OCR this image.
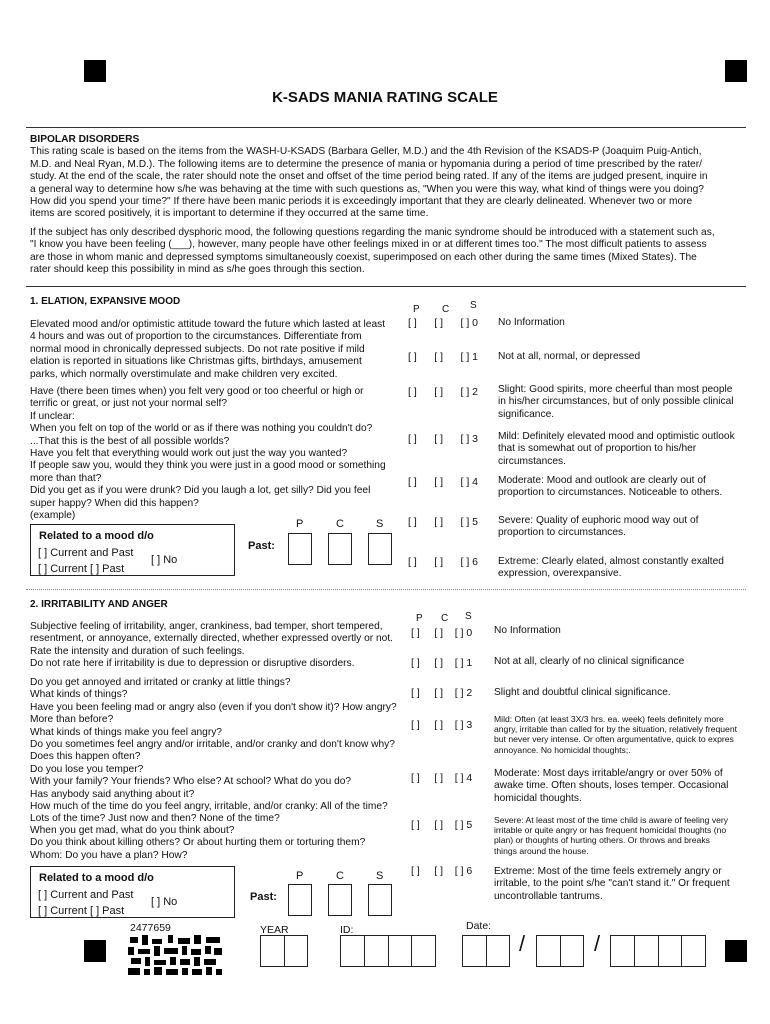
K-SADS MANIA RATING SCALE
BIPOLAR DISORDERS
This rating scale is based on the items from the WASH-U-KSADS (Barbara Geller, M.D.) and the 4th Revision of the KSADS-P (Joaquim Puig-Antich,
M.D. and Neal Ryan, M.D.). The following items are to determine the presence of mania or hypomania during a period of time prescribed by the rater/
study. At the end of the scale, the rater should note the onset and offset of the time period being rated. If any of the items are judged present, inquire in
a general way to determine how s/he was behaving at the time with such questions as, "When you were this way, what kind of things were you doing?
How did you spend your time?" If there have been manic periods it is exceedingly important that they are clearly delineated. Whenever two or more
items are scored positively, it is important to determine if they occurred at the same time.
If the subject has only described dysphoric mood, the following questions regarding the manic syndrome should be introduced with a statement such as,
"I know you have been feeling (___), however, many people have other feelings mixed in or at different times too." The most difficult patients to assess
are those in whom manic and depressed symptoms simultaneously coexist, superimposed on each other during the same times (Mixed States). The
rater should keep this possibility in mind as s/he goes through this section.
1. ELATION, EXPANSIVE MOOD
P C S
Elevated mood and/or optimistic attitude toward the future which lasted at least
4 hours and was out of proportion to the circumstances. Differentiate from
normal mood in chronically depressed subjects. Do not rate positive if mild
elation is reported in situations like Christmas gifts, birthdays, amusement
parks, which normally overstimulate and make children very excited.
Have (there been times when) you felt very good or too cheerful or high or
terrific or great, or just not your normal self?
If unclear:
When you felt on top of the world or as if there was nothing you couldn't do?
...That this is the best of all possible worlds?
Have you felt that everything would work out just the way you wanted?
If people saw you, would they think you were just in a good mood or something
more than that?
Did you get as if you were drunk? Did you laugh a lot, get silly? Did you feel
super happy? When did this happen?
(example)
[ ]      [ ]      [ ] 0 No Information
[ ]      [ ]      [ ] 1 Not at all, normal, or depressed
[ ]      [ ]      [ ] 2 Slight: Good spirits, more cheerful than most people
in his/her circumstances, but of only possible clinical
significance.
[ ]      [ ]      [ ] 3 Mild: Definitely elevated mood and optimistic outlook
that is somewhat out of proportion to his/her
circumstances.
[ ]      [ ]      [ ] 4 Moderate: Mood and outlook are clearly out of
proportion to circumstances. Noticeable to others.
[ ]      [ ]      [ ] 5 Severe: Quality of euphoric mood way out of
proportion to circumstances.
[ ]      [ ]      [ ] 6 Extreme: Clearly elated, almost constantly exalted
expression, overexpansive.
Related to a mood d/o
[ ] Current and Past
[ ] No
[ ] Current [ ] Past
P	C	S
Past:
2. IRRITABILITY AND ANGER
P C S
Subjective feeling of irritability, anger, crankiness, bad temper, short tempered,
resentment, or annoyance, externally directed, whether expressed overtly or not.
Rate the intensity and duration of such feelings.
Do not rate here if irritability is due to depression or disruptive disorders.
Do you get annoyed and irritated or cranky at little things?
What kinds of things?
Have you been feeling mad or angry also (even if you don't show it)? How angry?
More than before?
What kinds of things make you feel angry?
Do you sometimes feel angry and/or irritable, and/or cranky and don't know why?
Does this happen often?
Do you lose you temper?
With your family? Your friends? Who else? At school? What do you do?
Has anybody said anything about it?
How much of the time do you feel angry, irritable, and/or cranky: All of the time?
Lots of the time? Just now and then? None of the time?
When you get mad, what do you think about?
Do you think about killing others? Or about hurting them or torturing them?
Whom: Do you have a plan? How?
[ ]     [ ]    [ ] 0 No Information
[ ]     [ ]    [ ] 1 Not at all, clearly of no clinical significance
[ ]     [ ]    [ ] 2 Slight and doubtful clinical significance.
[ ]     [ ]    [ ] 3	Mild: Often (at least 3X/3 hrs. ea. week) feels definitely more
angry, irritable than called for by the situation, relatively frequent
but never very intense. Or often argumentative, quick to expres
annoyance. No homicidal thoughts;.
[ ]     [ ]    [ ] 4 Moderate: Most days irritable/angry or over 50% of
awake time. Often shouts, loses temper. Occasional
homicidal thoughts.
[ ]     [ ]    [ ] 5	Severe: At least most of the time child is aware of feeling very
irritable or quite angry or has frequent homicidal thoughts (no
plan) or thoughts of hurting others. Or throws and breaks
things around the house.
[ ]     [ ]    [ ] 6 Extreme: Most of the time feels extremely angry or
irritable, to the point s/he "can't stand it." Or frequent
uncontrollable tantrums.
Related to a mood d/o
[ ] Current and Past
[ ] No
[ ] Current [ ] Past
P	C	S
Past:
2477659	YEAR	ID:	Date:
/	/
